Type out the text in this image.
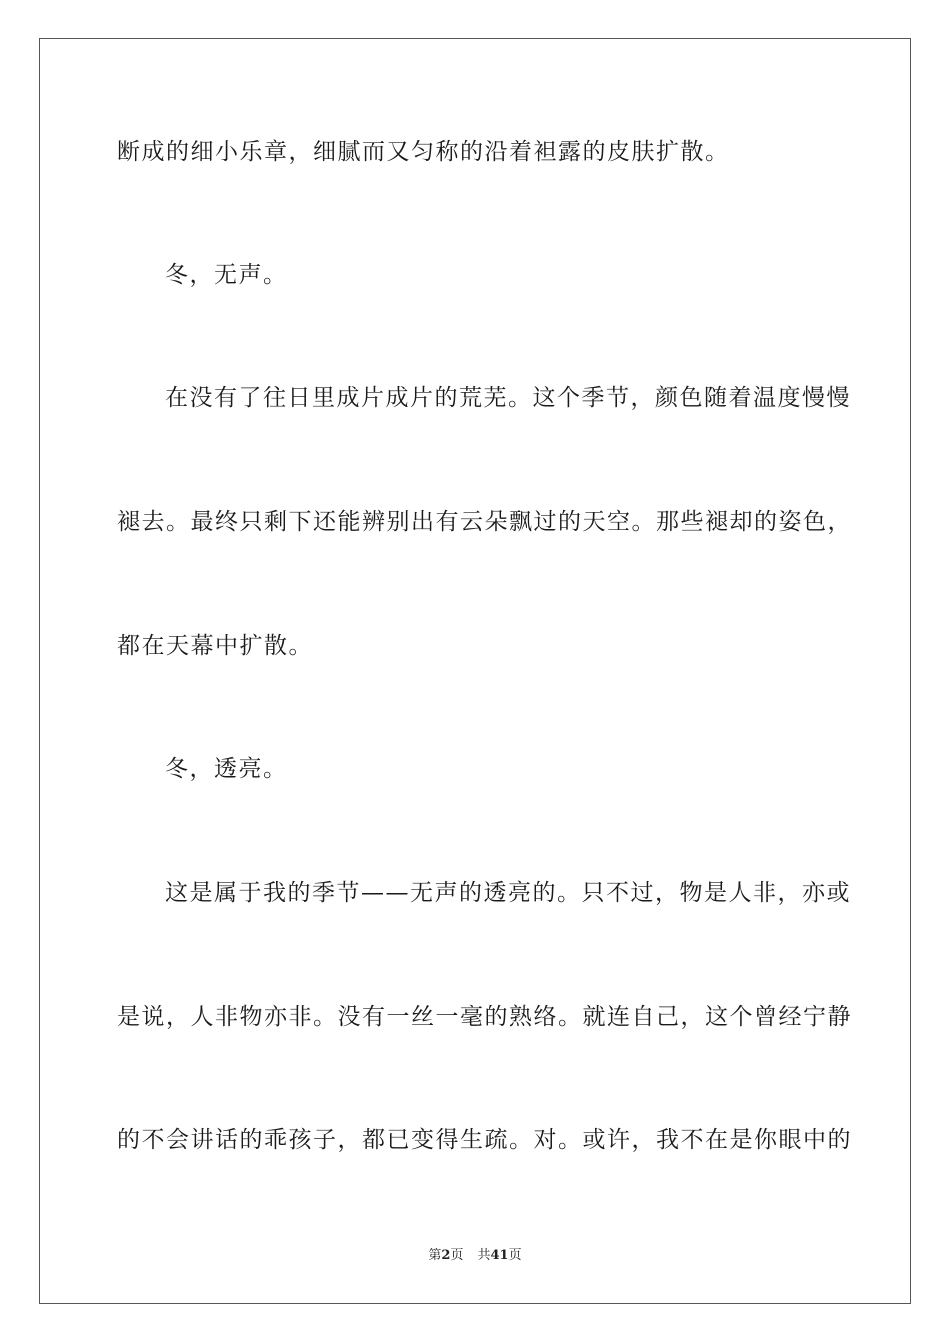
断成的细小乐章，细腻而又匀称的沿着袒露的皮肤扩散。
冬，无声。
在没有了往日里成片成片的荒芜。这个季节，颜色随着温度慢慢
褪去。最终只剩下还能辨别出有云朵飘过的天空。那些褪却的姿色，
都在天幕中扩散。
冬，透亮。
这是属于我的季节——无声的透亮的。只不过，物是人非，亦或
是说，人非物亦非。没有一丝一毫的熟络。就连自己，这个曾经宁静
的不会讲话的乖孩子，都已变得生疏。对。或许，我不在是你眼中的
第2页 共41页
